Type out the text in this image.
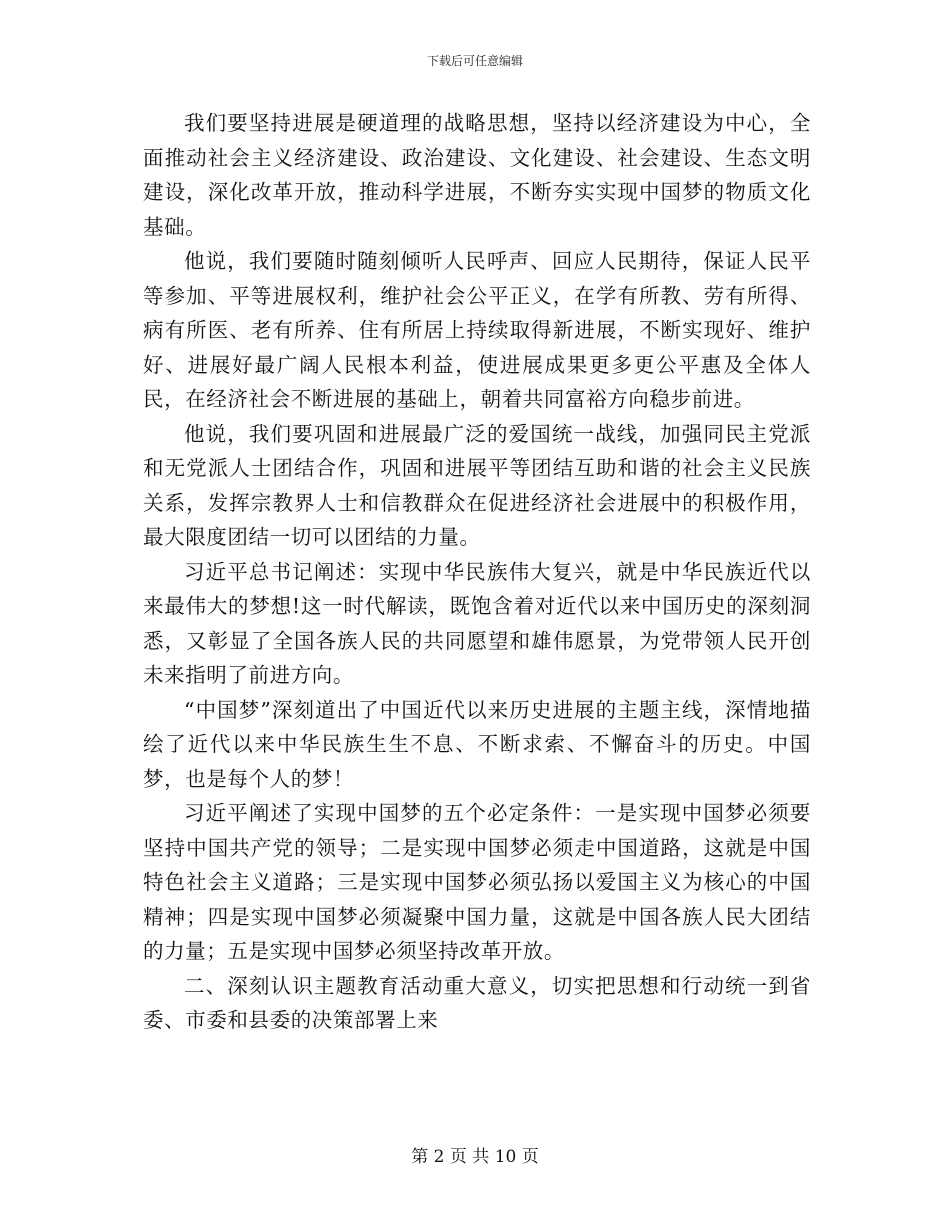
下载后可任意编辑

我们要坚持进展是硬道理的战略思想，坚持以经济建设为中心，全面推动社会主义经济建设、政治建设、文化建设、社会建设、生态文明建设，深化改革开放，推动科学进展，不断夯实实现中国梦的物质文化基础。

他说，我们要随时随刻倾听人民呼声、回应人民期待，保证人民平等参加、平等进展权利，维护社会公平正义，在学有所教、劳有所得、病有所医、老有所养、住有所居上持续取得新进展，不断实现好、维护好、进展好最广阔人民根本利益，使进展成果更多更公平惠及全体人民，在经济社会不断进展的基础上，朝着共同富裕方向稳步前进。

他说，我们要巩固和进展最广泛的爱国统一战线，加强同民主党派和无党派人士团结合作，巩固和进展平等团结互助和谐的社会主义民族关系，发挥宗教界人士和信教群众在促进经济社会进展中的积极作用，最大限度团结一切可以团结的力量。

习近平总书记阐述：实现中华民族伟大复兴，就是中华民族近代以来最伟大的梦想!这一时代解读，既饱含着对近代以来中国历史的深刻洞悉，又彰显了全国各族人民的共同愿望和雄伟愿景，为党带领人民开创未来指明了前进方向。

“中国梦”深刻道出了中国近代以来历史进展的主题主线，深情地描绘了近代以来中华民族生生不息、不断求索、不懈奋斗的历史。中国梦，也是每个人的梦！

习近平阐述了实现中国梦的五个必定条件：一是实现中国梦必须要坚持中国共产党的领导；二是实现中国梦必须走中国道路，这就是中国特色社会主义道路；三是实现中国梦必须弘扬以爱国主义为核心的中国精神；四是实现中国梦必须凝聚中国力量，这就是中国各族人民大团结的力量；五是实现中国梦必须坚持改革开放。

二、深刻认识主题教育活动重大意义，切实把思想和行动统一到省委、市委和县委的决策部署上来

第 2 页 共 10 页
